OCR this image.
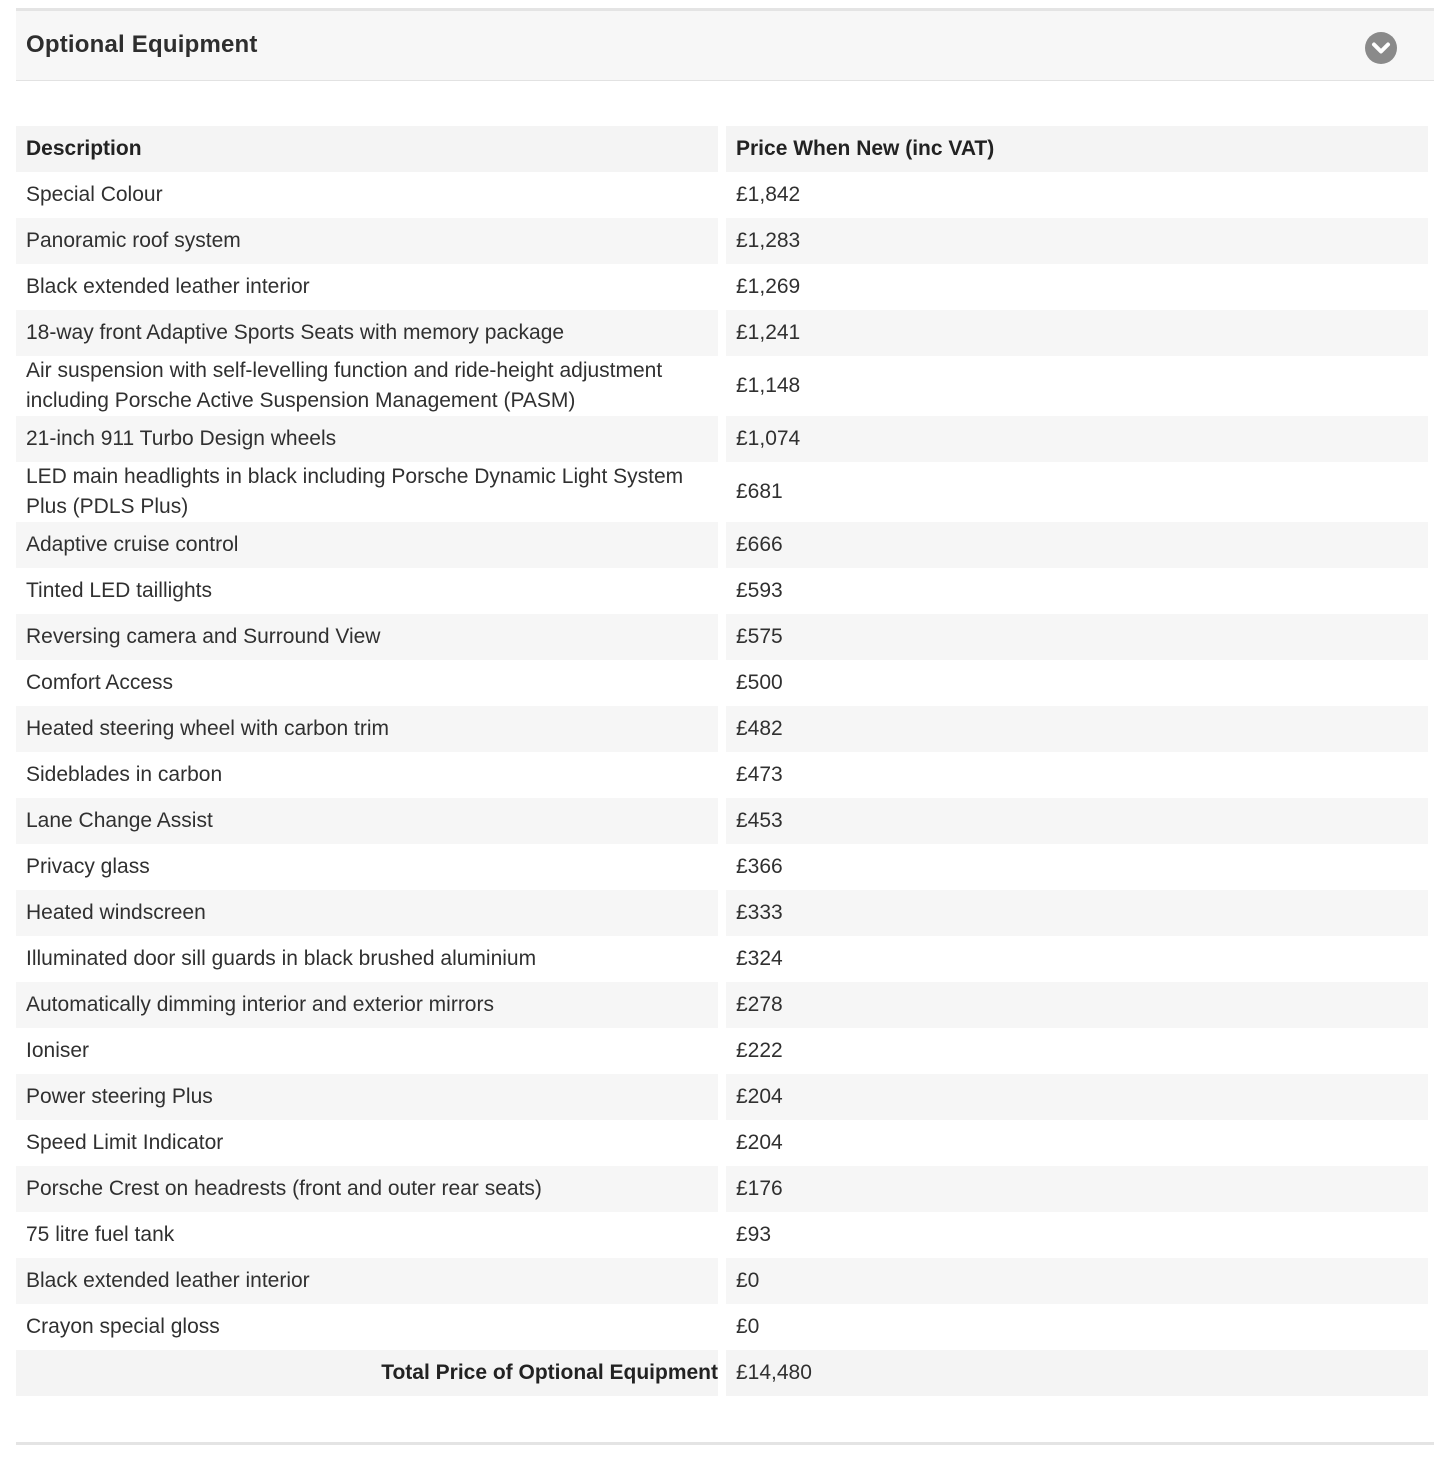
Optional Equipment
Description		Price When New (inc VAT)
Special Colour		£1,842
Panoramic roof system		£1,283
Black extended leather interior		£1,269
18-way front Adaptive Sports Seats with memory package		£1,241
Air suspension with self-levelling function and ride-height adjustment including Porsche Active Suspension Management (PASM)		£1,148
21-inch 911 Turbo Design wheels		£1,074
LED main headlights in black including Porsche Dynamic Light System Plus (PDLS Plus)		£681
Adaptive cruise control		£666
Tinted LED taillights		£593
Reversing camera and Surround View		£575
Comfort Access		£500
Heated steering wheel with carbon trim		£482
Sideblades in carbon		£473
Lane Change Assist		£453
Privacy glass		£366
Heated windscreen		£333
Illuminated door sill guards in black brushed aluminium		£324
Automatically dimming interior and exterior mirrors		£278
Ioniser		£222
Power steering Plus		£204
Speed Limit Indicator		£204
Porsche Crest on headrests (front and outer rear seats)		£176
75 litre fuel tank		£93
Black extended leather interior		£0
Crayon special gloss		£0
Total Price of Optional Equipment		£14,480
